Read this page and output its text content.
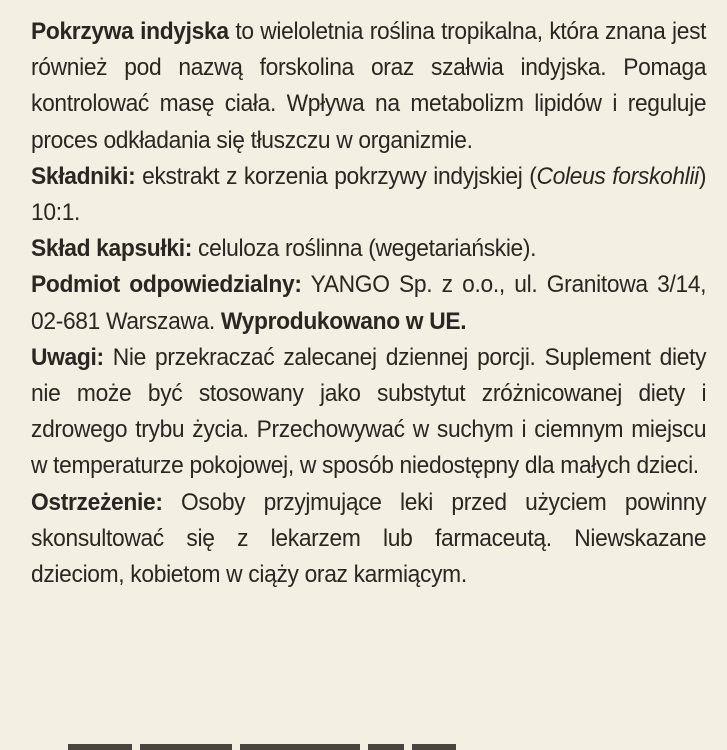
Pokrzywa indyjska to wieloletnia roślina tropikalna, która znana jest również pod nazwą forskolina oraz szałwia indyjska. Pomaga kontrolować masę ciała. Wpływa na metabolizm lipidów i reguluje proces odkładania się tłuszczu w organizmie.

Składniki: ekstrakt z korzenia pokrzywy indyjskiej (Coleus forskohlii) 10:1.

Skład kapsułki: celuloza roślinna (wegetariańskie).

Podmiot odpowiedzialny: YANGO Sp. z o.o., ul. Granitowa 3/14, 02-681 Warszawa. Wyprodukowano w UE.

Uwagi: Nie przekraczać zalecanej dziennej porcji. Suplement diety nie może być stosowany jako substytut zróżnicowanej diety i zdrowego trybu życia. Przechowywać w suchym i ciemnym miejscu w temperaturze pokojowej, w sposób niedostępny dla małych dzieci.

Ostrzeżenie: Osoby przyjmujące leki przed użyciem powinny skonsultować się z lekarzem lub farmaceutą. Niewskazane dzieciom, kobietom w ciąży oraz karmiącym.
